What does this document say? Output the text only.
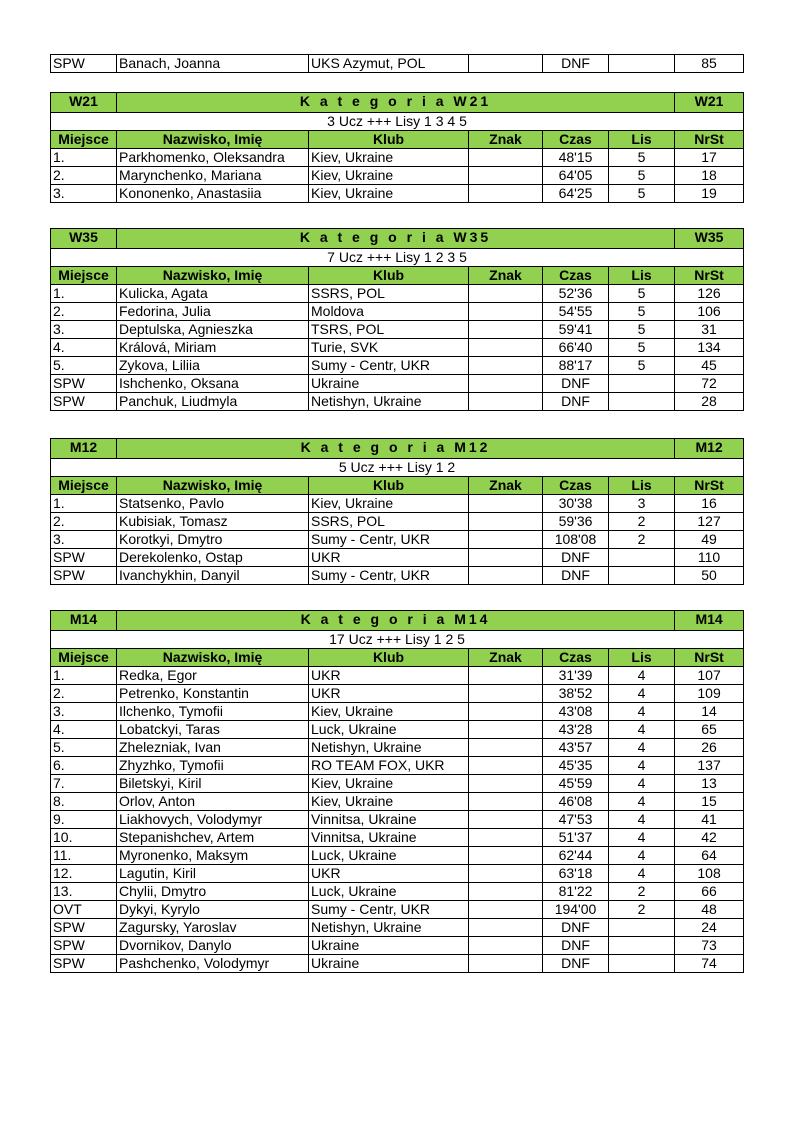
SPW	Banach, Joanna	UKS Azymut, POL		DNF		85
W21	K a t e g o r i a W21					W21
3 Ucz +++ Lisy 1 3 4 5						
Miejsce	Nazwisko, Imię	Klub	Znak	Czas	Lis	NrSt
1.	Parkhomenko, Oleksandra	Kiev, Ukraine		48'15	5	17
2.	Marynchenko, Mariana	Kiev, Ukraine		64'05	5	18
3.	Kononenko, Anastasiia	Kiev, Ukraine		64'25	5	19
W35	K a t e g o r i a W35					W35
7 Ucz +++ Lisy 1 2 3 5						
Miejsce	Nazwisko, Imię	Klub	Znak	Czas	Lis	NrSt
1.	Kulicka, Agata	SSRS, POL		52'36	5	126
2.	Fedorina, Julia	Moldova		54'55	5	106
3.	Deptulska, Agnieszka	TSRS, POL		59'41	5	31
4.	Králová, Miriam	Turie, SVK		66'40	5	134
5.	Zykova, Liliia	Sumy - Centr, UKR		88'17	5	45
SPW	Ishchenko, Oksana	Ukraine		DNF		72
SPW	Panchuk, Liudmyla	Netishyn, Ukraine		DNF		28
M12	K a t e g o r i a M12					M12
5 Ucz +++ Lisy 1 2						
Miejsce	Nazwisko, Imię	Klub	Znak	Czas	Lis	NrSt
1.	Statsenko, Pavlo	Kiev, Ukraine		30'38	3	16
2.	Kubisiak, Tomasz	SSRS, POL		59'36	2	127
3.	Korotkyi, Dmytro	Sumy - Centr, UKR		108'08	2	49
SPW	Derekolenko, Ostap	UKR		DNF		110
SPW	Ivanchykhin, Danyil	Sumy - Centr, UKR		DNF		50
M14	K a t e g o r i a M14					M14
17 Ucz +++ Lisy 1 2 5						
Miejsce	Nazwisko, Imię	Klub	Znak	Czas	Lis	NrSt
1.	Redka, Egor	UKR		31'39	4	107
2.	Petrenko, Konstantin	UKR		38'52	4	109
3.	Ilchenko, Tymofii	Kiev, Ukraine		43'08	4	14
4.	Lobatckyi, Taras	Luck, Ukraine		43'28	4	65
5.	Zhelezniak, Ivan	Netishyn, Ukraine		43'57	4	26
6.	Zhyzhko, Tymofii	RO TEAM FOX, UKR		45'35	4	137
7.	Biletskyi, Kiril	Kiev, Ukraine		45'59	4	13
8.	Orlov, Anton	Kiev, Ukraine		46'08	4	15
9.	Liakhovych, Volodymyr	Vinnitsa, Ukraine		47'53	4	41
10.	Stepanishchev, Artem	Vinnitsa, Ukraine		51'37	4	42
11.	Myronenko, Maksym	Luck, Ukraine		62'44	4	64
12.	Lagutin, Kiril	UKR		63'18	4	108
13.	Chylii, Dmytro	Luck, Ukraine		81'22	2	66
OVT	Dykyi, Kyrylo	Sumy - Centr, UKR		194'00	2	48
SPW	Zagursky, Yaroslav	Netishyn, Ukraine		DNF		24
SPW	Dvornikov, Danylo	Ukraine		DNF		73
SPW	Pashchenko, Volodymyr	Ukraine		DNF		74
